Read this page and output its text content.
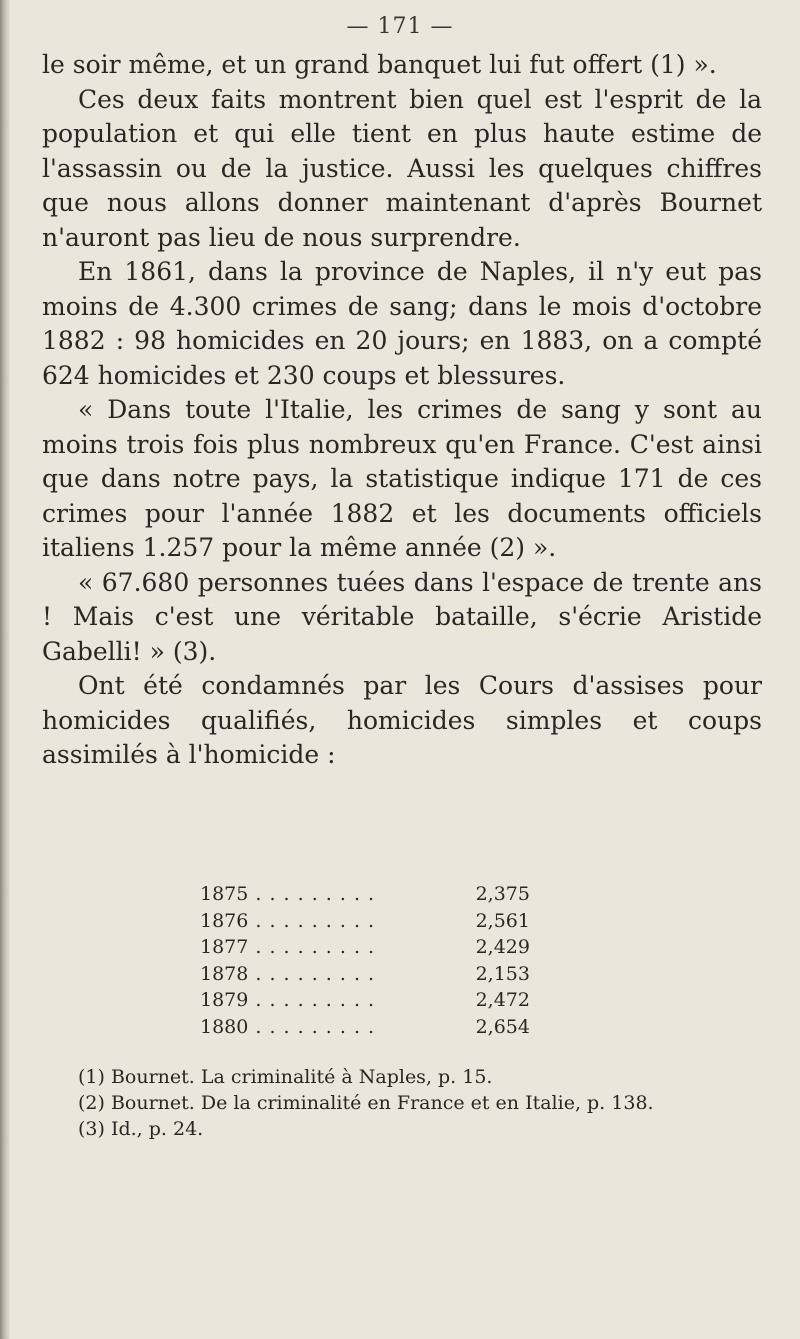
— 171 —

le soir même, et un grand banquet lui fut offert (1) ».

Ces deux faits montrent bien quel est l'esprit de la population et qui elle tient en plus haute estime de l'assassin ou de la justice. Aussi les quelques chiffres que nous allons donner maintenant d'après Bournet n'auront pas lieu de nous surprendre.

En 1861, dans la province de Naples, il n'y eut pas moins de 4.300 crimes de sang; dans le mois d'octobre 1882 : 98 homicides en 20 jours; en 1883, on a compté 624 homicides et 230 coups et blessures.

« Dans toute l'Italie, les crimes de sang y sont au moins trois fois plus nombreux qu'en France. C'est ainsi que dans notre pays, la statistique indique 171 de ces crimes pour l'année 1882 et les documents officiels italiens 1.257 pour la même année (2) ».

« 67.680 personnes tuées dans l'espace de trente ans ! Mais c'est une véritable bataille, s'écrie Aristide Gabelli! » (3).

Ont été condamnés par les Cours d'assises pour homicides qualifiés, homicides simples et coups assimilés à l'homicide :

1875 . . .	2,375
1876 . . .	2,561
1877 . . .	2,429
1878 . . .	2,153
1879 . . .	2,472
1880 . . .	2,654
(1) Bournet. La criminalité à Naples, p. 15.
(2) Bournet. De la criminalité en France et en Italie, p. 138.
(3) Id., p. 24.
